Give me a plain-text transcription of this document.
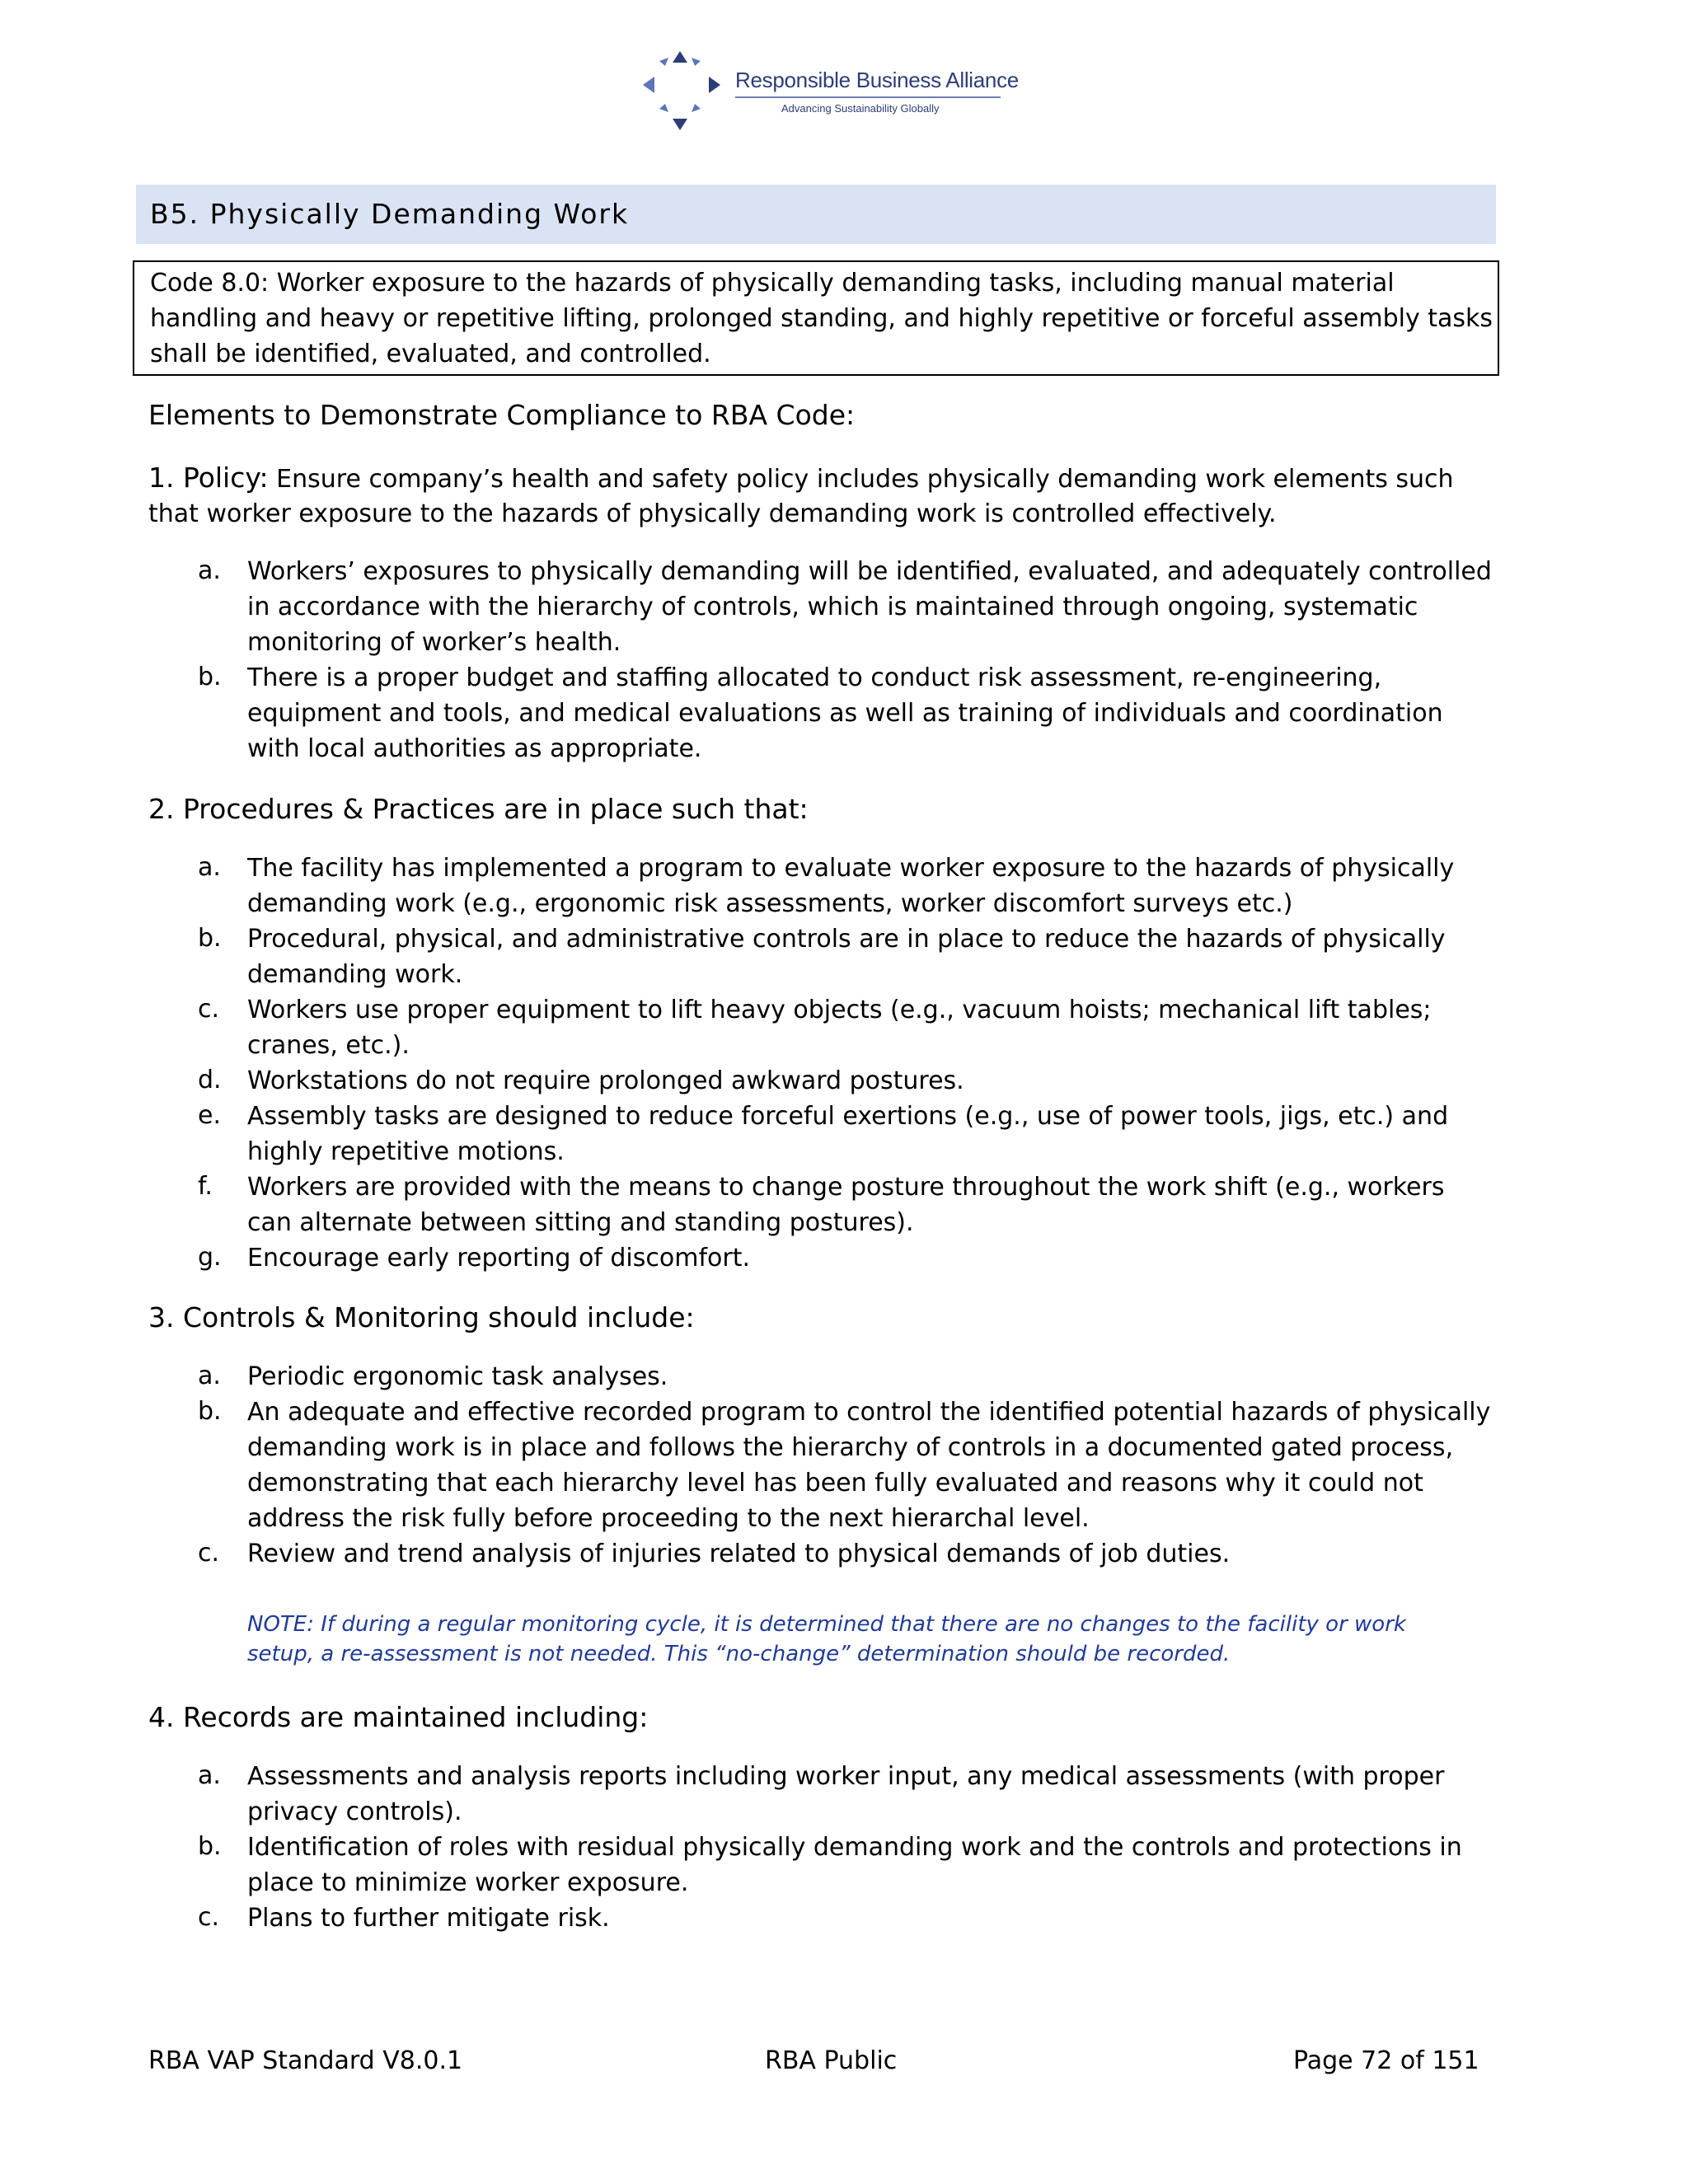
Responsible Business Alliance
Advancing Sustainability Globally
B5. Physically Demanding Work
Code 8.0: Worker exposure to the hazards of physically demanding tasks, including manual material
handling and heavy or repetitive lifting, prolonged standing, and highly repetitive or forceful assembly tasks
shall be identified, evaluated, and controlled.
Elements to Demonstrate Compliance to RBA Code:
1. Policy: Ensure company’s health and safety policy includes physically demanding work elements such
that worker exposure to the hazards of physically demanding work is controlled effectively.
a. Workers’ exposures to physically demanding will be identified, evaluated, and adequately controlled
in accordance with the hierarchy of controls, which is maintained through ongoing, systematic
monitoring of worker’s health.
b. There is a proper budget and staffing allocated to conduct risk assessment, re-engineering,
equipment and tools, and medical evaluations as well as training of individuals and coordination
with local authorities as appropriate.
2. Procedures & Practices are in place such that:
a. The facility has implemented a program to evaluate worker exposure to the hazards of physically
demanding work (e.g., ergonomic risk assessments, worker discomfort surveys etc.)
b. Procedural, physical, and administrative controls are in place to reduce the hazards of physically
demanding work.
c. Workers use proper equipment to lift heavy objects (e.g., vacuum hoists; mechanical lift tables;
cranes, etc.).
d. Workstations do not require prolonged awkward postures.
e. Assembly tasks are designed to reduce forceful exertions (e.g., use of power tools, jigs, etc.) and
highly repetitive motions.
f. Workers are provided with the means to change posture throughout the work shift (e.g., workers
can alternate between sitting and standing postures).
g. Encourage early reporting of discomfort.
3. Controls & Monitoring should include:
a. Periodic ergonomic task analyses.
b. An adequate and effective recorded program to control the identified potential hazards of physically
demanding work is in place and follows the hierarchy of controls in a documented gated process,
demonstrating that each hierarchy level has been fully evaluated and reasons why it could not
address the risk fully before proceeding to the next hierarchal level.
c. Review and trend analysis of injuries related to physical demands of job duties.
NOTE: If during a regular monitoring cycle, it is determined that there are no changes to the facility or work
setup, a re-assessment is not needed. This “no-change” determination should be recorded.
4. Records are maintained including:
a. Assessments and analysis reports including worker input, any medical assessments (with proper
privacy controls).
b. Identification of roles with residual physically demanding work and the controls and protections in
place to minimize worker exposure.
c. Plans to further mitigate risk.
RBA VAP Standard V8.0.1	RBA Public	Page 72 of 151
